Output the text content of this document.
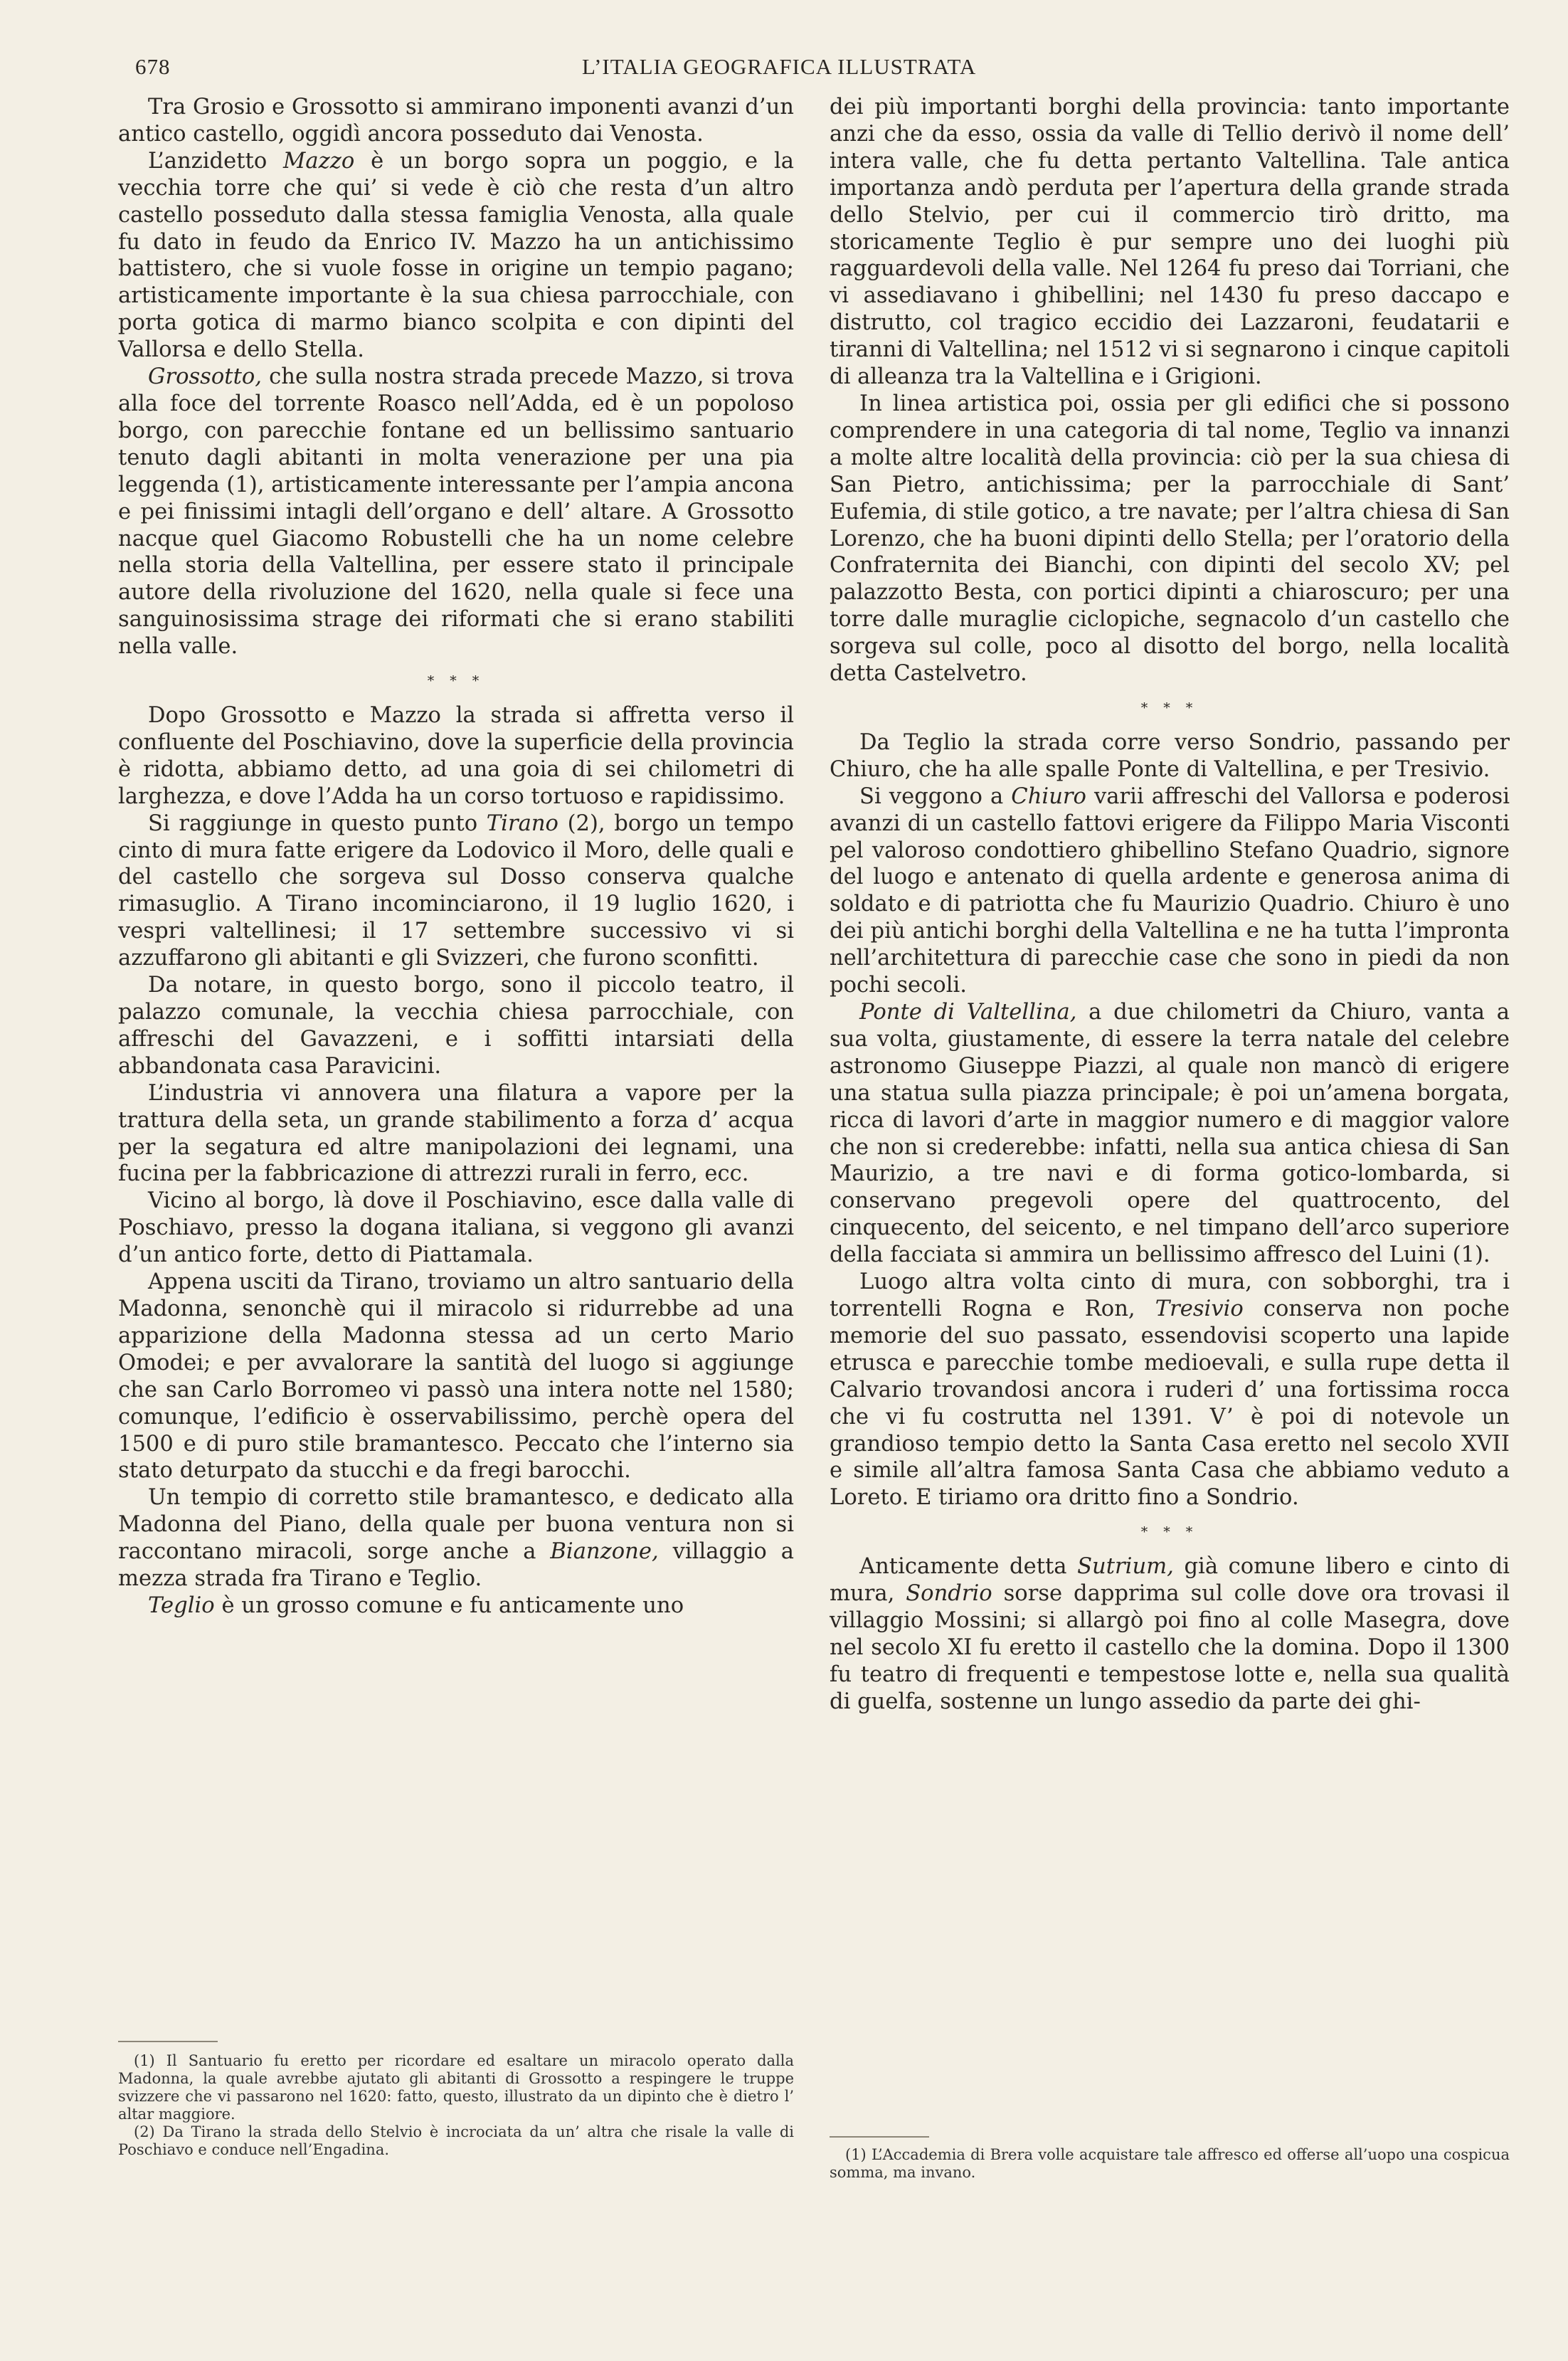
678	L’ITALIA GEOGRAFICA ILLUSTRATA

Tra Grosio e Grossotto si ammirano imponenti avanzi d’un antico castello, oggidì ancora posseduto dai Venosta.

L’anzidetto Mazzo è un borgo sopra un poggio, e la vecchia torre che qui’ si vede è ciò che resta d’un altro castello posseduto dalla stessa famiglia Venosta, alla quale fu dato in feudo da Enrico IV. Mazzo ha un antichissimo battistero, che si vuole fosse in origine un tempio pagano; artisticamente importante è la sua chiesa parrocchiale, con porta gotica di marmo bianco scolpita e con dipinti del Vallorsa e dello Stella.

Grossotto, che sulla nostra strada precede Mazzo, si trova alla foce del torrente Roasco nell’Adda, ed è un popoloso borgo, con parecchie fontane ed un bellissimo santuario tenuto dagli abitanti in molta venerazione per una pia leggenda (1), artisticamente interessante per l’ampia ancona e pei finissimi intagli dell’organo e dell’ altare. A Grossotto nacque quel Giacomo Robustelli che ha un nome celebre nella storia della Valtellina, per essere stato il principale autore della rivoluzione del 1620, nella quale si fece una sanguinosissima strage dei riformati che si erano stabiliti nella valle.

* * *

Dopo Grossotto e Mazzo la strada si affretta verso il confluente del Poschiavino, dove la superficie della provincia è ridotta, abbiamo detto, ad una goia di sei chilometri di larghezza, e dove l’Adda ha un corso tortuoso e rapidissimo.

Si raggiunge in questo punto Tirano (2), borgo un tempo cinto di mura fatte erigere da Lodovico il Moro, delle quali e del castello che sorgeva sul Dosso conserva qualche rimasuglio. A Tirano incominciarono, il 19 luglio 1620, i vespri valtellinesi; il 17 settembre successivo vi si azzuffarono gli abitanti e gli Svizzeri, che furono sconfitti.

Da notare, in questo borgo, sono il piccolo teatro, il palazzo comunale, la vecchia chiesa parrocchiale, con affreschi del Gavazzeni, e i soffitti intarsiati della abbandonata casa Paravicini.

L’industria vi annovera una filatura a vapore per la trattura della seta, un grande stabilimento a forza d’ acqua per la segatura ed altre manipolazioni dei legnami, una fucina per la fabbricazione di attrezzi rurali in ferro, ecc.

Vicino al borgo, là dove il Poschiavino, esce dalla valle di Poschiavo, presso la dogana italiana, si veggono gli avanzi d’un antico forte, detto di Piattamala.

Appena usciti da Tirano, troviamo un altro santuario della Madonna, senonchè qui il miracolo si ridurrebbe ad una apparizione della Madonna stessa ad un certo Mario Omodei; e per avvalorare la santità del luogo si aggiunge che san Carlo Borromeo vi passò una intera notte nel 1580; comunque, l’edificio è osservabilissimo, perchè opera del 1500 e di puro stile bramantesco. Peccato che l’interno sia stato deturpato da stucchi e da fregi barocchi.

Un tempio di corretto stile bramantesco, e dedicato alla Madonna del Piano, della quale per buona ventura non si raccontano miracoli, sorge anche a Bianzone, villaggio a mezza strada fra Tirano e Teglio.

Teglio è un grosso comune e fu anticamente uno

(1) Il Santuario fu eretto per ricordare ed esaltare un miracolo operato dalla Madonna, la quale avrebbe ajutato gli abitanti di Grossotto a respingere le truppe svizzere che vi passarono nel 1620: fatto, questo, illustrato da un dipinto che è dietro l’ altar maggiore.

(2) Da Tirano la strada dello Stelvio è incrociata da un’ altra che risale la valle di Poschiavo e conduce nell’Engadina.

dei più importanti borghi della provincia: tanto importante anzi che da esso, ossia da valle di Tellio derivò il nome dell’ intera valle, che fu detta pertanto Valtellina. Tale antica importanza andò perduta per l’apertura della grande strada dello Stelvio, per cui il commercio tirò dritto, ma storicamente Teglio è pur sempre uno dei luoghi più ragguardevoli della valle. Nel 1264 fu preso dai Torriani, che vi assediavano i ghibellini; nel 1430 fu preso daccapo e distrutto, col tragico eccidio dei Lazzaroni, feudatarii e tiranni di Valtellina; nel 1512 vi si segnarono i cinque capitoli di alleanza tra la Valtellina e i Grigioni.

In linea artistica poi, ossia per gli edifici che si possono comprendere in una categoria di tal nome, Teglio va innanzi a molte altre località della provincia: ciò per la sua chiesa di San Pietro, antichissima; per la parrocchiale di Sant’ Eufemia, di stile gotico, a tre navate; per l’altra chiesa di San Lorenzo, che ha buoni dipinti dello Stella; per l’oratorio della Confraternita dei Bianchi, con dipinti del secolo XV; pel palazzotto Besta, con portici dipinti a chiaroscuro; per una torre dalle muraglie ciclopiche, segnacolo d’un castello che sorgeva sul colle, poco al disotto del borgo, nella località detta Castelvetro.

* * *

Da Teglio la strada corre verso Sondrio, passando per Chiuro, che ha alle spalle Ponte di Valtellina, e per Tresivio.

Si veggono a Chiuro varii affreschi del Vallorsa e poderosi avanzi di un castello fattovi erigere da Filippo Maria Visconti pel valoroso condottiero ghibellino Stefano Quadrio, signore del luogo e antenato di quella ardente e generosa anima di soldato e di patriotta che fu Maurizio Quadrio. Chiuro è uno dei più antichi borghi della Valtellina e ne ha tutta l’impronta nell’architettura di parecchie case che sono in piedi da non pochi secoli.

Ponte di Valtellina, a due chilometri da Chiuro, vanta a sua volta, giustamente, di essere la terra natale del celebre astronomo Giuseppe Piazzi, al quale non mancò di erigere una statua sulla piazza principale; è poi un’amena borgata, ricca di lavori d’arte in maggior numero e di maggior valore che non si crederebbe: infatti, nella sua antica chiesa di San Maurizio, a tre navi e di forma gotico-lombarda, si conservano pregevoli opere del quattrocento, del cinquecento, del seicento, e nel timpano dell’arco superiore della facciata si ammira un bellissimo affresco del Luini (1).

Luogo altra volta cinto di mura, con sobborghi, tra i torrentelli Rogna e Ron, Tresivio conserva non poche memorie del suo passato, essendovisi scoperto una lapide etrusca e parecchie tombe medioevali, e sulla rupe detta il Calvario trovandosi ancora i ruderi d’ una fortissima rocca che vi fu costrutta nel 1391. V’ è poi di notevole un grandioso tempio detto la Santa Casa eretto nel secolo XVII e simile all’altra famosa Santa Casa che abbiamo veduto a Loreto. E tiriamo ora dritto fino a Sondrio.

* * *

Anticamente detta Sutrium, già comune libero e cinto di mura, Sondrio sorse dapprima sul colle dove ora trovasi il villaggio Mossini; si allargò poi fino al colle Masegra, dove nel secolo XI fu eretto il castello che la domina. Dopo il 1300 fu teatro di frequenti e tempestose lotte e, nella sua qualità di guelfa, sostenne un lungo assedio da parte dei ghi-

(1) L’Accademia di Brera volle acquistare tale affresco ed offerse all’uopo una cospicua somma, ma invano.
